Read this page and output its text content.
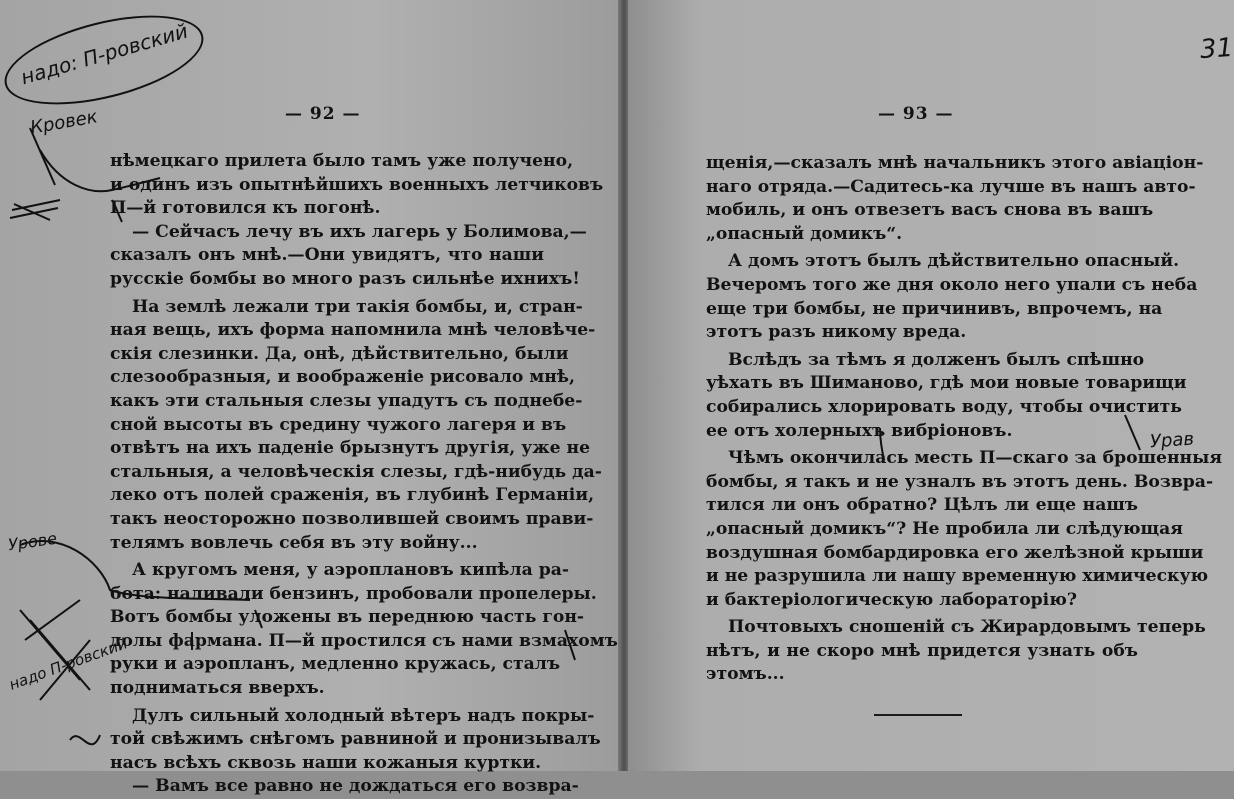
— 92 —
нѣмецкаго прилета было тамъ уже получено,
и одинъ изъ опытнѣйшихъ военныхъ летчиковъ
П—й готовился къ погонѣ.
— Сейчасъ лечу въ ихъ лагерь у Болимова,—
сказалъ онъ мнѣ.—Они увидятъ, что наши
русскіе бомбы во много разъ сильнѣе ихнихъ!
На землѣ лежали три такія бомбы, и, стран-
ная вещь, ихъ форма напомнила мнѣ человѣче-
скія слезинки. Да, онѣ, дѣйствительно, были
слезообразныя, и воображеніе рисовало мнѣ,
какъ эти стальныя слезы упадутъ съ поднебе-
сной высоты въ средину чужого лагеря и въ
отвѣтъ на ихъ паденіе брызнутъ другія, уже не
стальныя, а человѣческія слезы, гдѣ-нибудь да-
леко отъ полей сраженія, въ глубинѣ Германіи,
такъ неосторожно позволившей своимъ прави-
телямъ вовлечь себя въ эту войну...
А кругомъ меня, у аэроплановъ кипѣла ра-
бота: наливали бензинъ, пробовали пропелеры.
Вотъ бомбы уложены въ переднюю часть гон-
долы фармана. П—й простился съ нами взмахомъ
руки и аэропланъ, медленно кружась, сталъ
подниматься вверхъ.
Дулъ сильный холодный вѣтеръ надъ покры-
той свѣжимъ снѣгомъ равниной и пронизывалъ
насъ всѣхъ сквозь наши кожаныя куртки.
— Вамъ все равно не дождаться его возвра-
— 93 —
щенія,—сказалъ мнѣ начальникъ этого авіаціон-
наго отряда.—Садитесь-ка лучше въ нашъ авто-
мобиль, и онъ отвезетъ васъ снова въ вашъ
„опасный домикъ“.
А домъ этотъ былъ дѣйствительно опасный.
Вечеромъ того же дня около него упали съ неба
еще три бомбы, не причинивъ, впрочемъ, на
этотъ разъ никому вреда.
Вслѣдъ за тѣмъ я долженъ былъ спѣшно
уѣхать въ Шиманово, гдѣ мои новые товарищи
собирались хлорировать воду, чтобы очистить
ее отъ холерныхъ вибріоновъ.
Чѣмъ окончилась месть П—скаго за брошенныя
бомбы, я такъ и не узналъ въ этотъ день. Возвра-
тился ли онъ обратно? Цѣлъ ли еще нашъ
„опасный домикъ“? Не пробила ли слѣдующая
воздушная бомбардировка его желѣзной крыши
и не разрушила ли нашу временную химическую
и бактеріологическую лабораторію?
Почтовыхъ сношеній съ Жирардовымъ теперь
нѣтъ, и не скоро мнѣ придется узнать объ
этомъ...
надо: П-ровский
Кровек
Урове
надо П-ровский
Урав
31
